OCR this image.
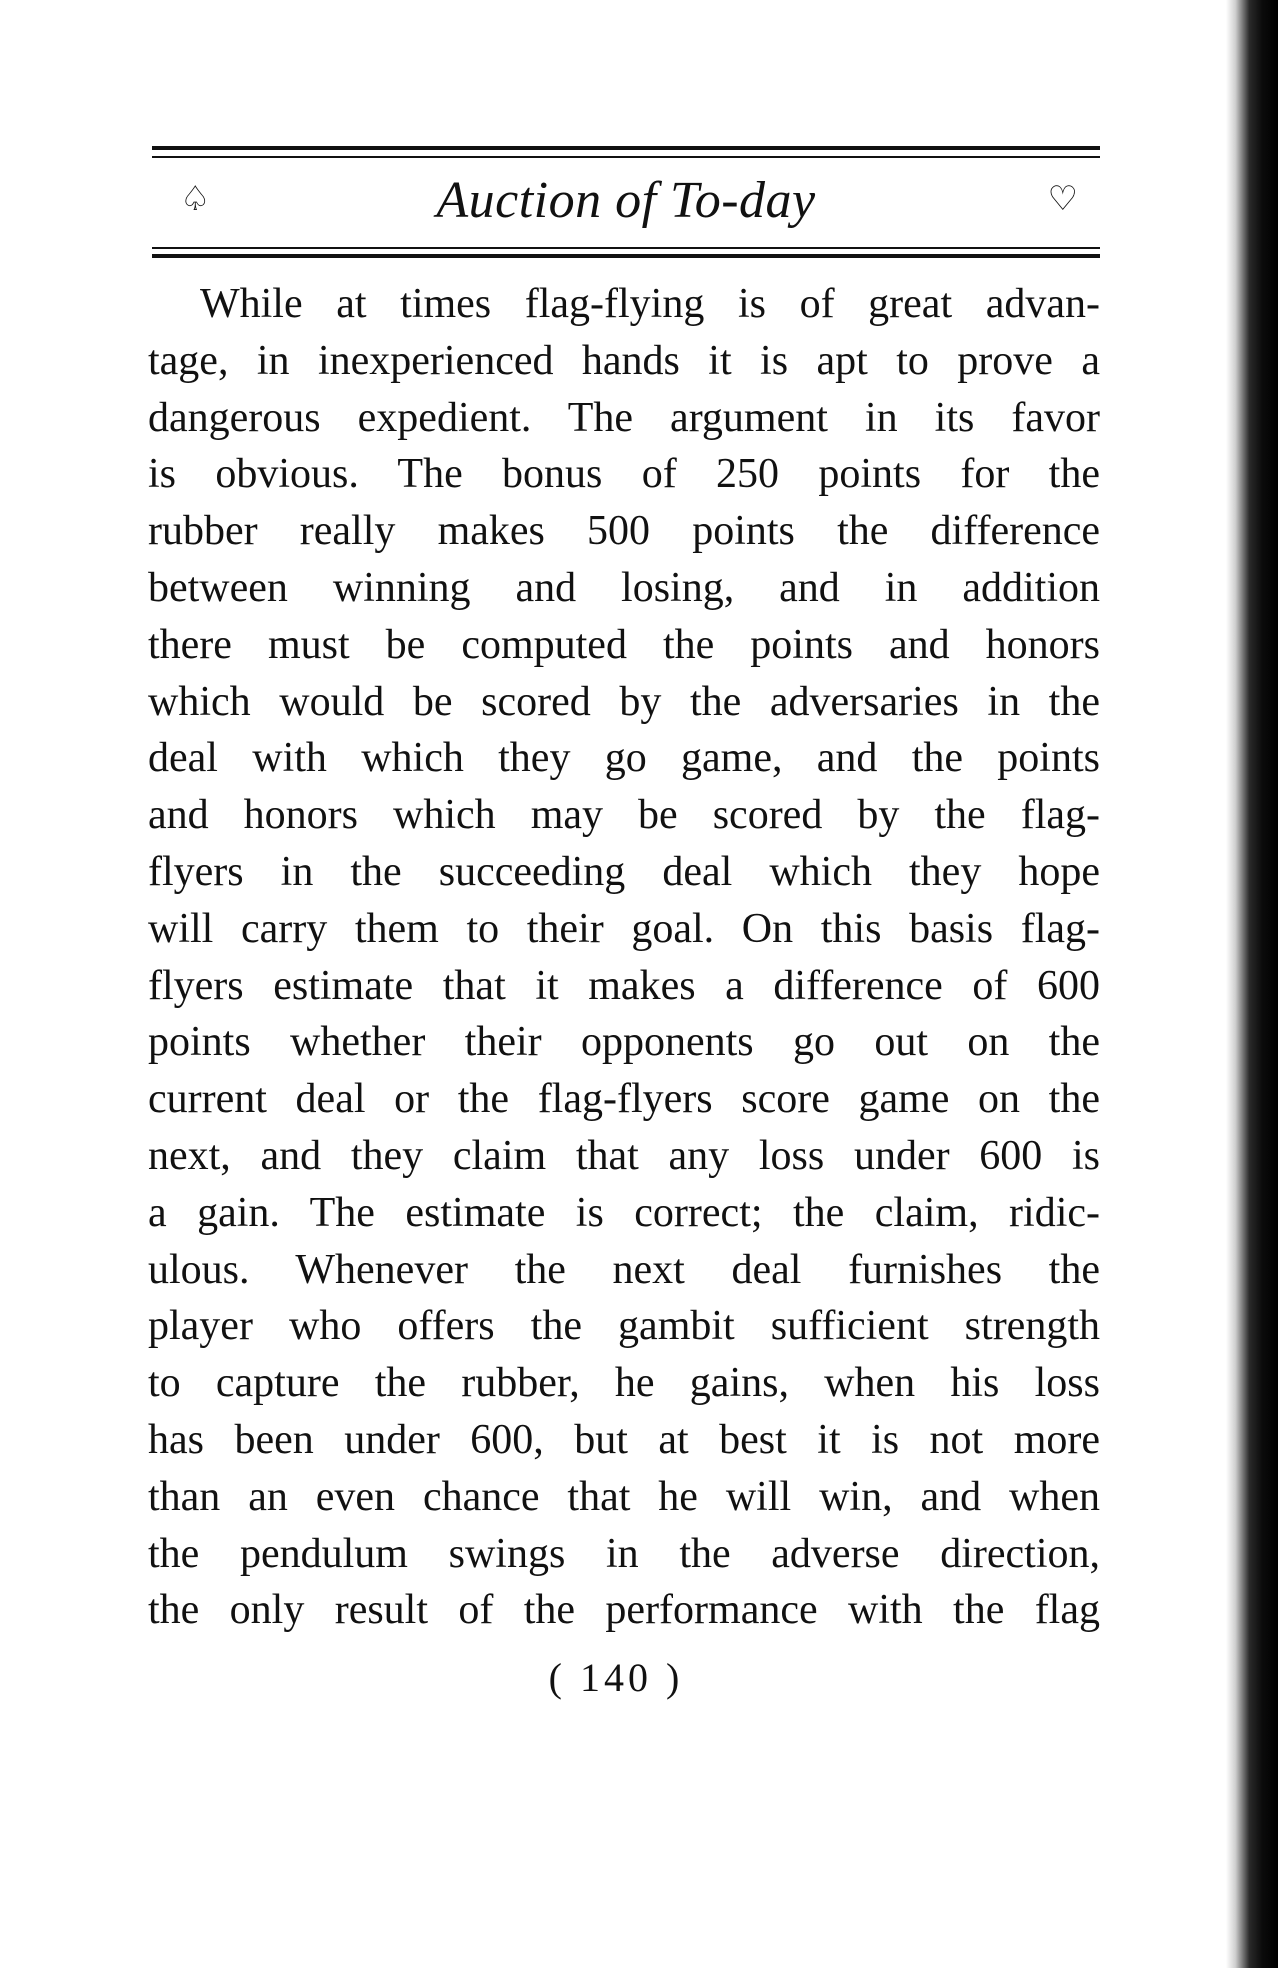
♤	Auction of To-day	♡

While at times flag-flying is of great advan-
tage, in inexperienced hands it is apt to prove a
dangerous expedient. The argument in its favor
is obvious. The bonus of 250 points for the
rubber really makes 500 points the difference
between winning and losing, and in addition
there must be computed the points and honors
which would be scored by the adversaries in the
deal with which they go game, and the points
and honors which may be scored by the flag-
flyers in the succeeding deal which they hope
will carry them to their goal. On this basis flag-
flyers estimate that it makes a difference of 600
points whether their opponents go out on the
current deal or the flag-flyers score game on the
next, and they claim that any loss under 600 is
a gain. The estimate is correct; the claim, ridic-
ulous. Whenever the next deal furnishes the
player who offers the gambit sufficient strength
to capture the rubber, he gains, when his loss
has been under 600, but at best it is not more
than an even chance that he will win, and when
the pendulum swings in the adverse direction,
the only result of the performance with the flag

( 140 )
